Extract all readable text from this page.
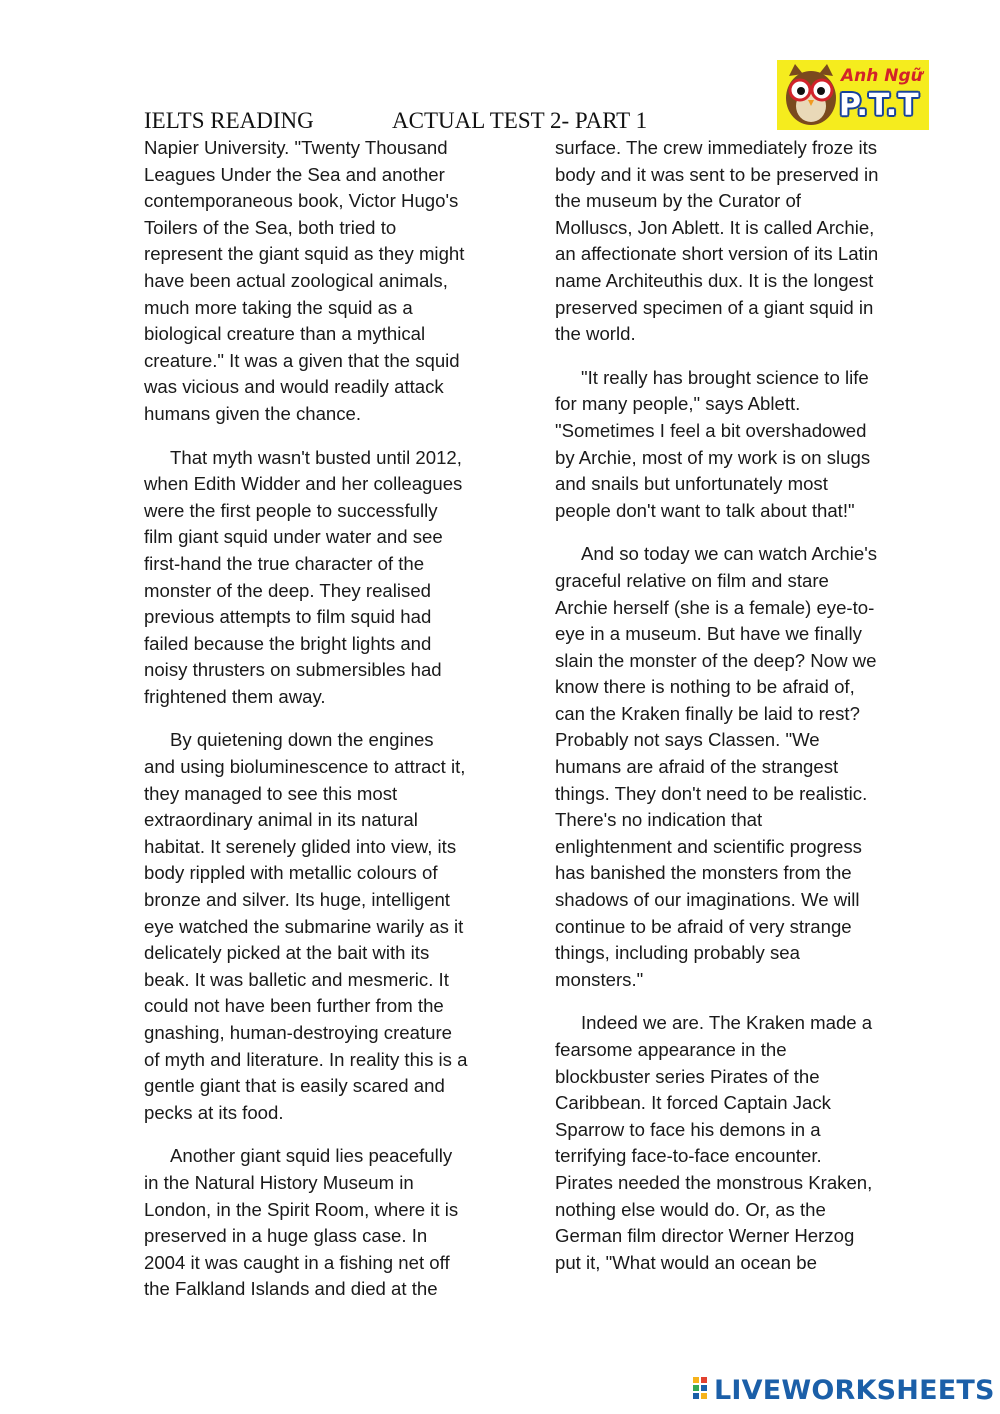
IELTS READING	ACTUAL TEST 2- PART 1
Anh Ngữ
P.T.T

Napier University. "Twenty Thousand
Leagues Under the Sea and another
contemporaneous book, Victor Hugo's
Toilers of the Sea, both tried to
represent the giant squid as they might
have been actual zoological animals,
much more taking the squid as a
biological creature than a mythical
creature." It was a given that the squid
was vicious and would readily attack
humans given the chance.

That myth wasn't busted until 2012,
when Edith Widder and her colleagues
were the first people to successfully
film giant squid under water and see
first-hand the true character of the
monster of the deep. They realised
previous attempts to film squid had
failed because the bright lights and
noisy thrusters on submersibles had
frightened them away.

By quietening down the engines
and using bioluminescence to attract it,
they managed to see this most
extraordinary animal in its natural
habitat. It serenely glided into view, its
body rippled with metallic colours of
bronze and silver. Its huge, intelligent
eye watched the submarine warily as it
delicately picked at the bait with its
beak. It was balletic and mesmeric. It
could not have been further from the
gnashing, human-destroying creature
of myth and literature. In reality this is a
gentle giant that is easily scared and
pecks at its food.

Another giant squid lies peacefully
in the Natural History Museum in
London, in the Spirit Room, where it is
preserved in a huge glass case. In
2004 it was caught in a fishing net off
the Falkland Islands and died at the

surface. The crew immediately froze its
body and it was sent to be preserved in
the museum by the Curator of
Molluscs, Jon Ablett. It is called Archie,
an affectionate short version of its Latin
name Architeuthis dux. It is the longest
preserved specimen of a giant squid in
the world.

"It really has brought science to life
for many people," says Ablett.
"Sometimes I feel a bit overshadowed
by Archie, most of my work is on slugs
and snails but unfortunately most
people don't want to talk about that!"

And so today we can watch Archie's
graceful relative on film and stare
Archie herself (she is a female) eye-to-
eye in a museum. But have we finally
slain the monster of the deep? Now we
know there is nothing to be afraid of,
can the Kraken finally be laid to rest?
Probably not says Classen. "We
humans are afraid of the strangest
things. They don't need to be realistic.
There's no indication that
enlightenment and scientific progress
has banished the monsters from the
shadows of our imaginations. We will
continue to be afraid of very strange
things, including probably sea
monsters."

Indeed we are. The Kraken made a
fearsome appearance in the
blockbuster series Pirates of the
Caribbean. It forced Captain Jack
Sparrow to face his demons in a
terrifying face-to-face encounter.
Pirates needed the monstrous Kraken,
nothing else would do. Or, as the
German film director Werner Herzog
put it, "What would an ocean be

LIVEWORKSHEETS
